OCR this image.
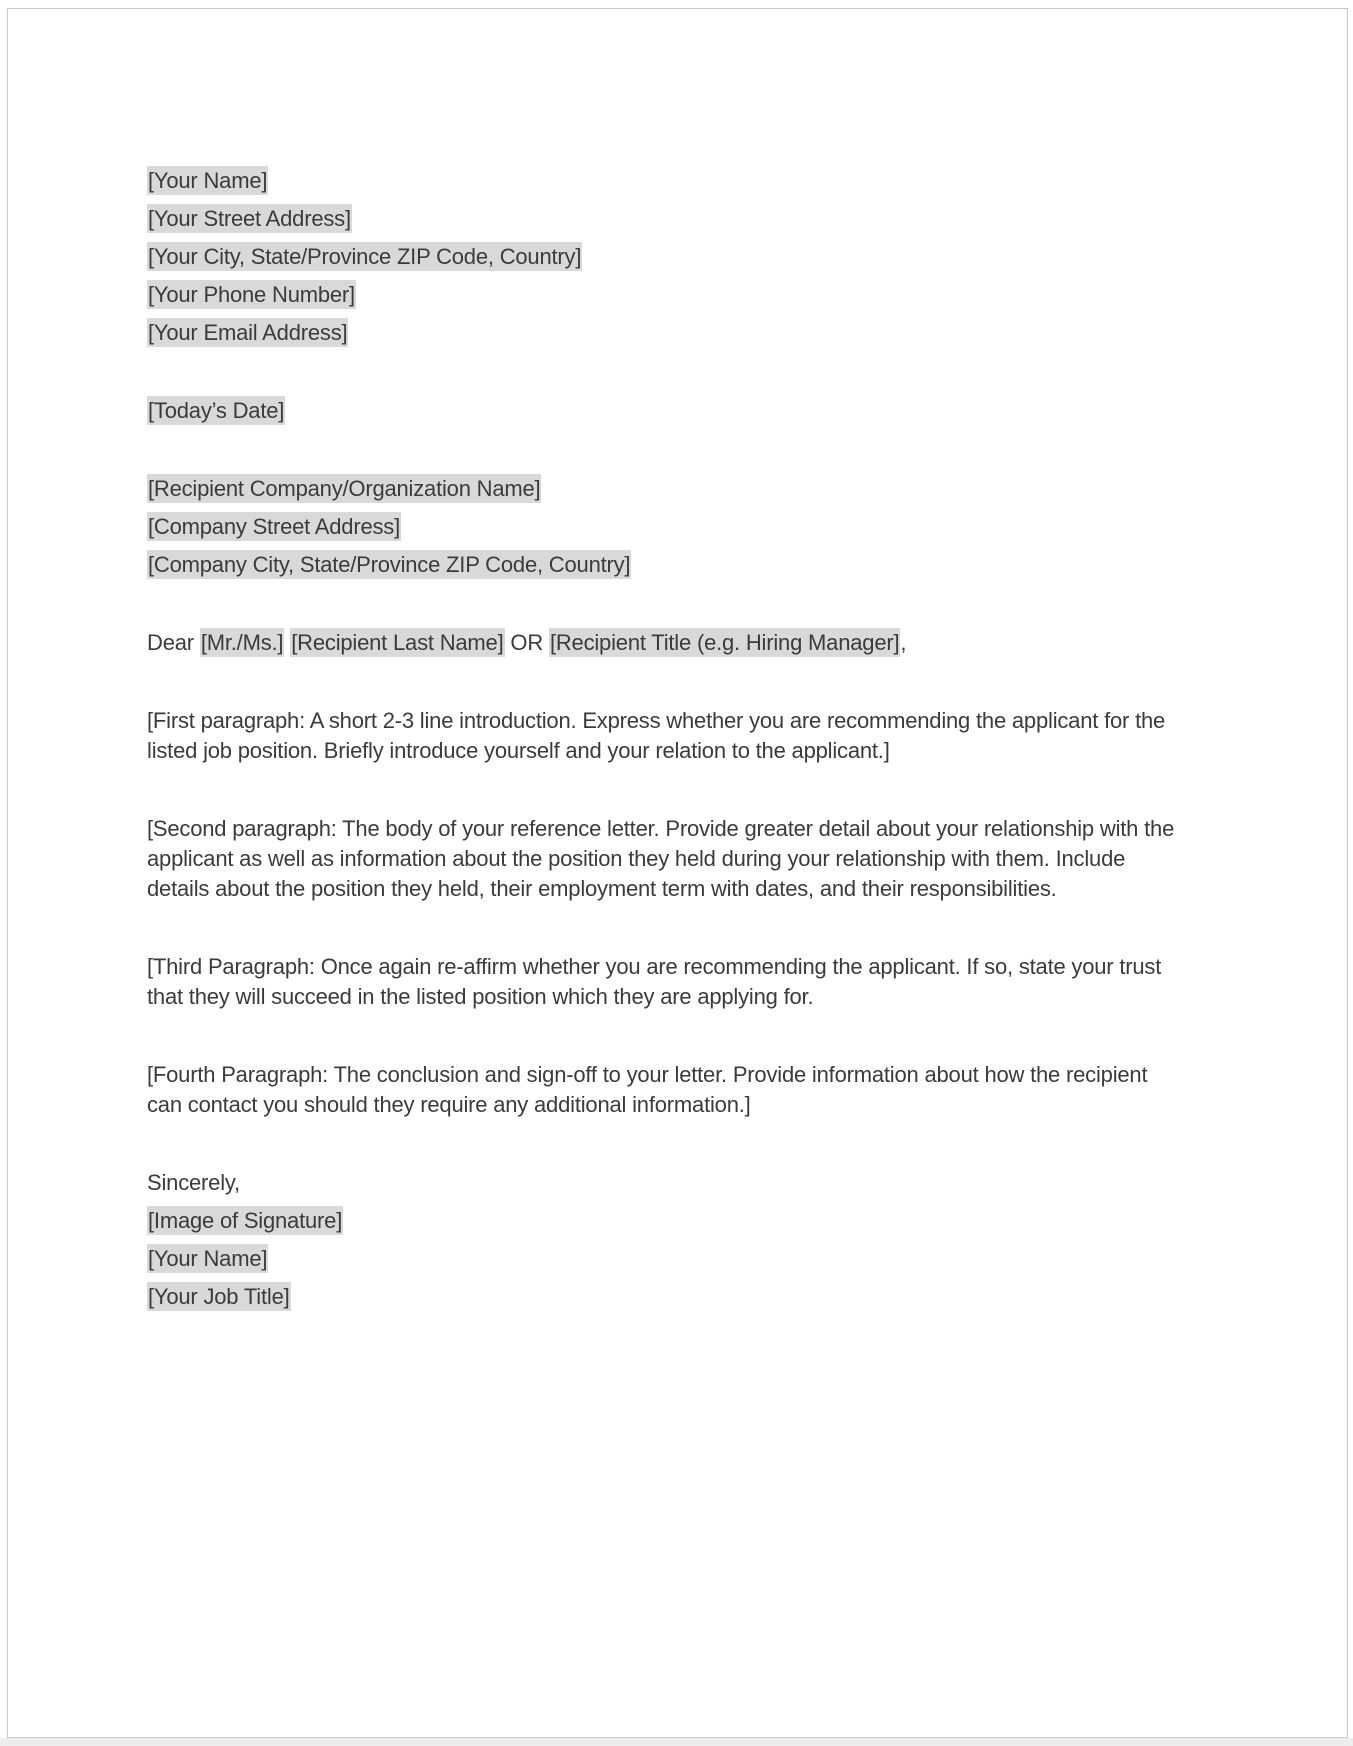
[Your Name]

[Your Street Address]

[Your City, State/Province ZIP Code, Country]

[Your Phone Number]

[Your Email Address]

[Today’s Date]

[Recipient Company/Organization Name]

[Company Street Address]

[Company City, State/Province ZIP Code, Country]

Dear [Mr./Ms.] [Recipient Last Name] OR [Recipient Title (e.g. Hiring Manager],

[First paragraph: A short 2-3 line introduction. Express whether you are recommending the applicant for the listed job position. Briefly introduce yourself and your relation to the applicant.]

[Second paragraph: The body of your reference letter. Provide greater detail about your relationship with the applicant as well as information about the position they held during your relationship with them. Include details about the position they held, their employment term with dates, and their responsibilities.

[Third Paragraph: Once again re-affirm whether you are recommending the applicant. If so, state your trust that they will succeed in the listed position which they are applying for.

[Fourth Paragraph: The conclusion and sign-off to your letter. Provide information about how the recipient can contact you should they require any additional information.]

Sincerely,

[Image of Signature]

[Your Name]

[Your Job Title]
